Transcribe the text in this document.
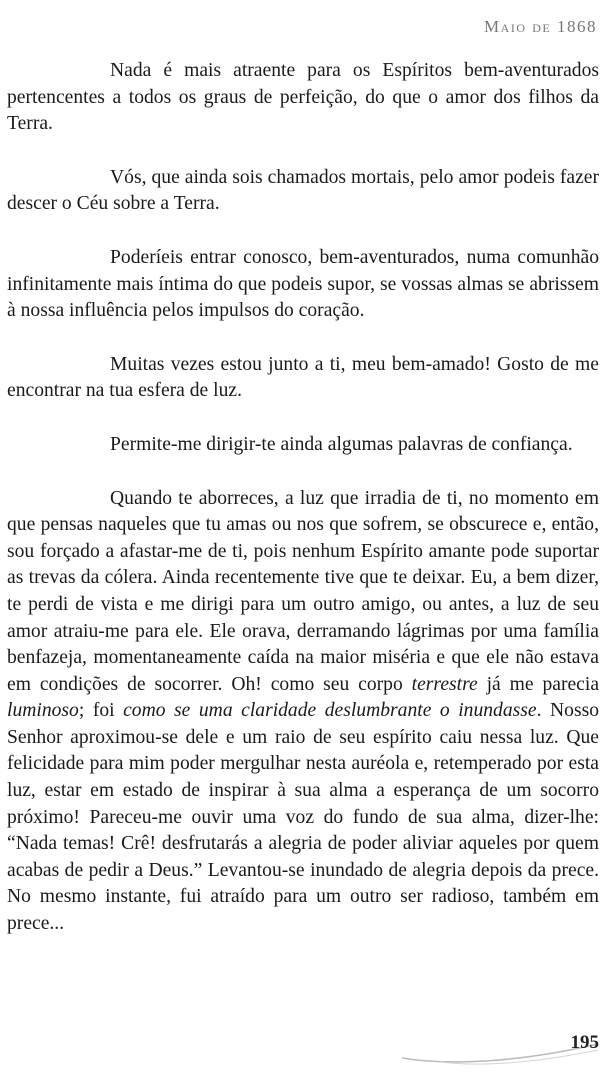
Maio de 1868

Nada é mais atraente para os Espíritos bem-aventurados pertencentes a todos os graus de perfeição, do que o amor dos filhos da Terra.

Vós, que ainda sois chamados mortais, pelo amor podeis fazer descer o Céu sobre a Terra.

Poderíeis entrar conosco, bem-aventurados, numa comunhão infinitamente mais íntima do que podeis supor, se vossas almas se abrissem à nossa influência pelos impulsos do coração.

Muitas vezes estou junto a ti, meu bem-amado! Gosto de me encontrar na tua esfera de luz.

Permite-me dirigir-te ainda algumas palavras de confiança.

Quando te aborreces, a luz que irradia de ti, no momento em que pensas naqueles que tu amas ou nos que sofrem, se obscurece e, então, sou forçado a afastar-me de ti, pois nenhum Espírito amante pode suportar as trevas da cólera. Ainda recentemente tive que te deixar. Eu, a bem dizer, te perdi de vista e me dirigi para um outro amigo, ou antes, a luz de seu amor atraiu-me para ele. Ele orava, derramando lágrimas por uma família benfazeja, momentaneamente caída na maior miséria e que ele não estava em condições de socorrer. Oh! como seu corpo terrestre já me parecia luminoso; foi como se uma claridade deslumbrante o inundasse. Nosso Senhor aproximou-se dele e um raio de seu espírito caiu nessa luz. Que felicidade para mim poder mergulhar nesta auréola e, retemperado por esta luz, estar em estado de inspirar à sua alma a esperança de um socorro próximo! Pareceu-me ouvir uma voz do fundo de sua alma, dizer-lhe: “Nada temas! Crê! desfrutarás a alegria de poder aliviar aqueles por quem acabas de pedir a Deus.” Levantou-se inundado de alegria depois da prece. No mesmo instante, fui atraído para um outro ser radioso, também em prece...

195
